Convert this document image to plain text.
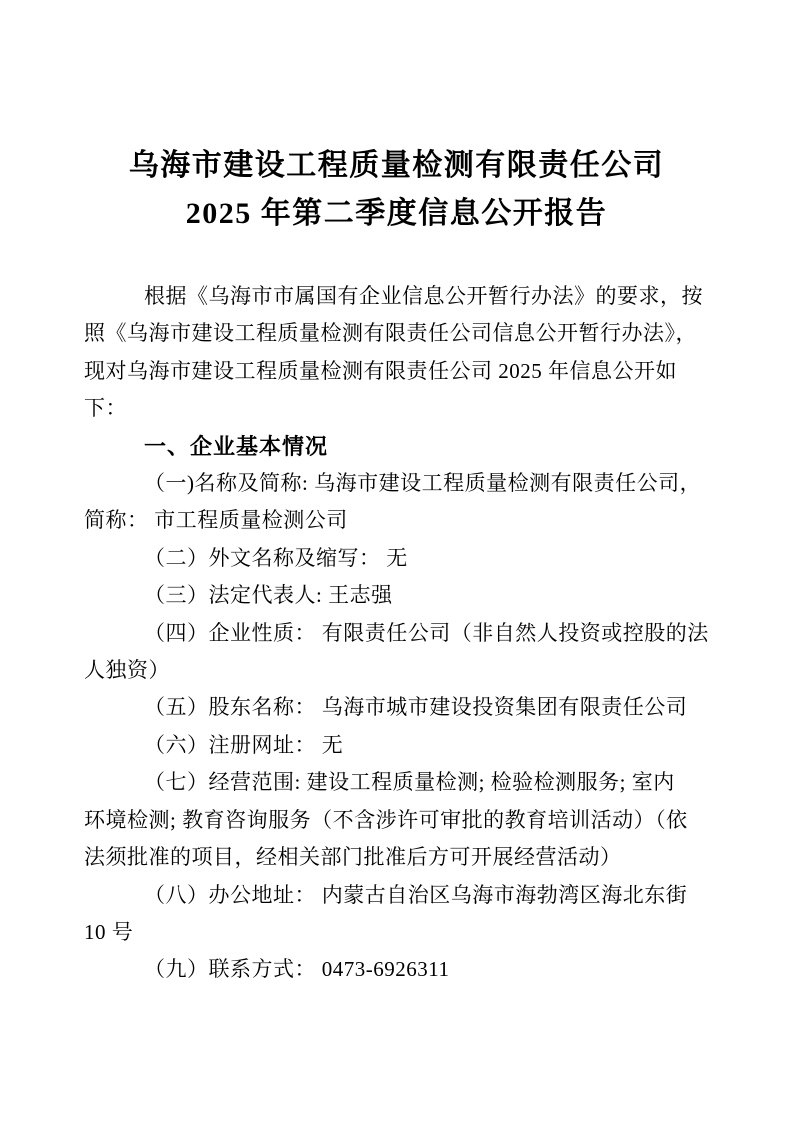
乌海市建设工程质量检测有限责任公司
2025 年第二季度信息公开报告
根据《乌海市市属国有企业信息公开暂行办法》的要求，按
照《乌海市建设工程质量检测有限责任公司信息公开暂行办法》，
现对乌海市建设工程质量检测有限责任公司 2025 年信息公开如
下：
一、企业基本情况
（一)名称及简称: 乌海市建设工程质量检测有限责任公司，
简称： 市工程质量检测公司
（二）外文名称及缩写： 无
（三）法定代表人: 王志强
（四）企业性质： 有限责任公司（非自然人投资或控股的法
人独资）
（五）股东名称： 乌海市城市建设投资集团有限责任公司
（六）注册网址： 无
（七）经营范围: 建设工程质量检测; 检验检测服务; 室内
环境检测; 教育咨询服务（不含涉许可审批的教育培训活动）（依
法须批准的项目，经相关部门批准后方可开展经营活动）
（八）办公地址： 内蒙古自治区乌海市海勃湾区海北东街
10 号
（九）联系方式： 0473-6926311
